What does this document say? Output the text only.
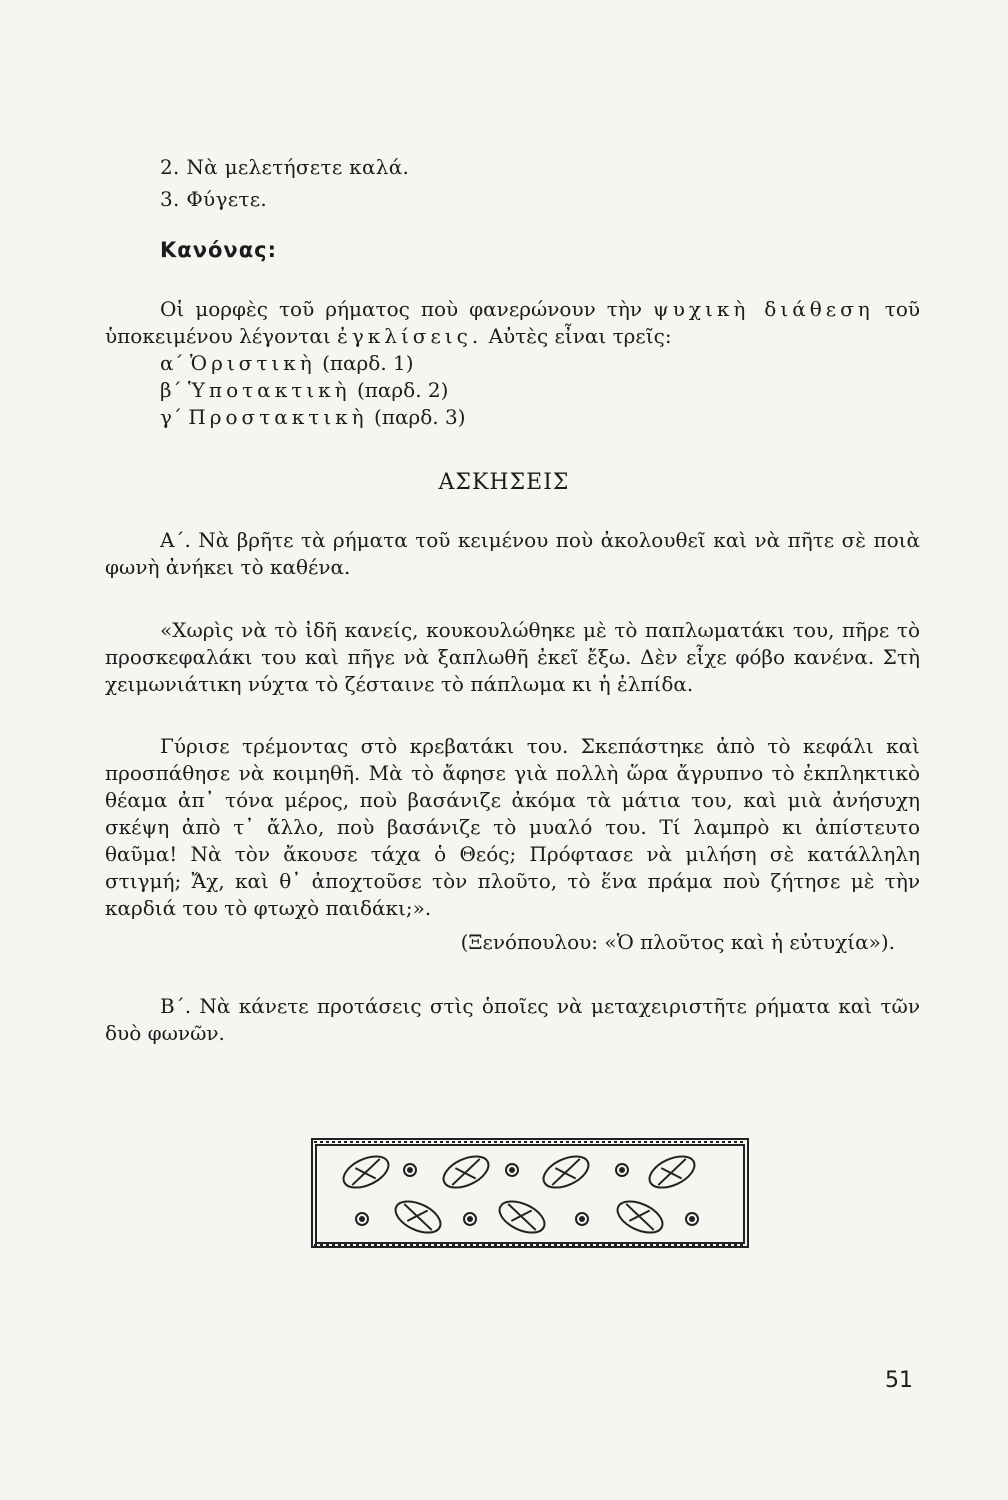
2. Νὰ μελετήσετε καλά.
3. Φύγετε.
Κανόνας:
Οἱ μορφὲς τοῦ ρήματος ποὺ φανερώνουν τὴν ψυχικὴ διάθεση τοῦ ὑποκειμένου λέγονται ἐγκλίσεις. Αὐτὲς εἶναι τρεῖς:
α΄ Ὁριστικὴ (παρδ. 1)
β΄ Ὑποτακτικὴ (παρδ. 2)
γ΄ Προστακτικὴ (παρδ. 3)
ΑΣΚΗΣΕΙΣ
Α΄. Νὰ βρῆτε τὰ ρήματα τοῦ κειμένου ποὺ ἀκολουθεῖ καὶ νὰ πῆτε σὲ ποιὰ φωνὴ ἀνήκει τὸ καθένα.
«Χωρὶς νὰ τὸ ἰδῆ κανείς, κουκουλώθηκε μὲ τὸ παπλωματάκι του, πῆρε τὸ προσκεφαλάκι του καὶ πῆγε νὰ ξαπλωθῆ ἐκεῖ ἔξω. Δὲν εἶχε φόβο κανένα. Στὴ χειμωνιάτικη νύχτα τὸ ζέσταινε τὸ πάπλωμα κι ἡ ἐλπίδα.
Γύρισε τρέμοντας στὸ κρεβατάκι του. Σκεπάστηκε ἀπὸ τὸ κεφάλι καὶ προσπάθησε νὰ κοιμηθῆ. Μὰ τὸ ἄφησε γιὰ πολλὴ ὥρα ἄγρυπνο τὸ ἐκπληκτικὸ θέαμα ἀπ᾿ τόνα μέρος, ποὺ βασάνιζε ἀκόμα τὰ μάτια του, καὶ μιὰ ἀνήσυχη σκέψη ἀπὸ τ᾿ ἄλλο, ποὺ βασάνιζε τὸ μυαλό του. Τί λαμπρὸ κι ἀπίστευτο θαῦμα! Νὰ τὸν ἄκουσε τάχα ὁ Θεός; Πρόφτασε νὰ μιλήση σὲ κατάλληλη στιγμή; Ἄχ, καὶ θ᾿ ἀποχτοῦσε τὸν πλοῦτο, τὸ ἕνα πράμα ποὺ ζήτησε μὲ τὴν καρδιά του τὸ φτωχὸ παιδάκι;».
(Ξενόπουλου: «Ὁ πλοῦτος καὶ ἡ εὐτυχία»).
Β΄. Νὰ κάνετε προτάσεις στὶς ὁποῖες νὰ μεταχειριστῆτε ρήματα καὶ τῶν δυὸ φωνῶν.
51
